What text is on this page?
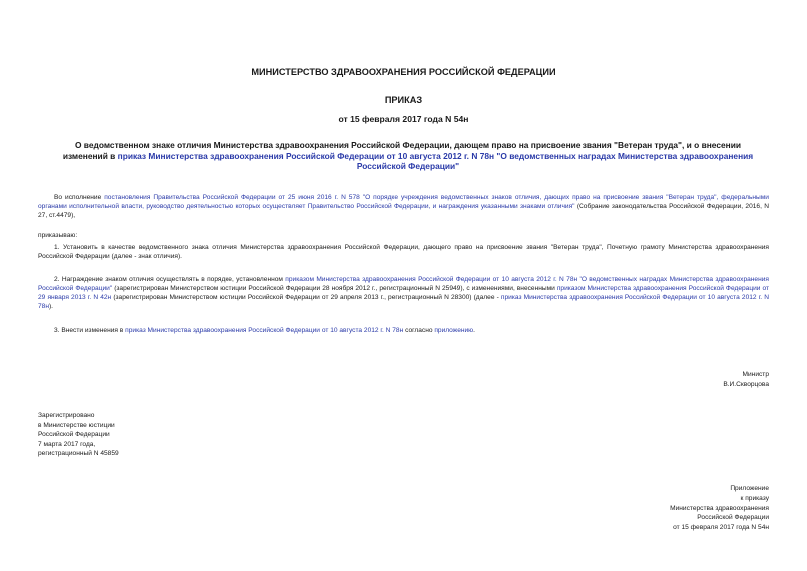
МИНИСТЕРСТВО ЗДРАВООХРАНЕНИЯ РОССИЙСКОЙ ФЕДЕРАЦИИ
ПРИКАЗ
от 15 февраля 2017 года N 54н
О ведомственном знаке отличия Министерства здравоохранения Российской Федерации, дающем право на присвоение звания "Ветеран труда", и о внесении изменений в приказ Министерства здравоохранения Российской Федерации от 10 августа 2012 г. N 78н "О ведомственных наградах Министерства здравоохранения Российской Федерации"
Во исполнение постановления Правительства Российской Федерации от 25 июня 2016 г. N 578 "О порядке учреждения ведомственных знаков отличия, дающих право на присвоение звания "Ветеран труда", федеральными органами исполнительной власти, руководство деятельностью которых осуществляет Правительство Российской Федерации, и награждения указанными знаками отличия" (Собрание законодательства Российской Федерации, 2016, N 27, ст.4479),
приказываю:
1. Установить в качестве ведомственного знака отличия Министерства здравоохранения Российской Федерации, дающего право на присвоение звания "Ветеран труда", Почетную грамоту Министерства здравоохранения Российской Федерации (далее - знак отличия).
2. Награждение знаком отличия осуществлять в порядке, установленном приказом Министерства здравоохранения Российской Федерации от 10 августа 2012 г. N 78н "О ведомственных наградах Министерства здравоохранения Российской Федерации" (зарегистрирован Министерством юстиции Российской Федерации 28 ноября 2012 г., регистрационный N 25949), с изменениями, внесенными приказом Министерства здравоохранения Российской Федерации от 29 января 2013 г. N 42н (зарегистрирован Министерством юстиции Российской Федерации от 29 апреля 2013 г., регистрационный N 28300) (далее - приказ Министерства здравоохранения Российской Федерации от 10 августа 2012 г. N 78н).
3. Внести изменения в приказ Министерства здравоохранения Российской Федерации от 10 августа 2012 г. N 78н согласно приложению.
Министр
В.И.Скворцова
Зарегистрировано
в Министерстве юстиции
Российской Федерации
7 марта 2017 года,
регистрационный N 45859
Приложение
к приказу
Министерства здравоохранения
Российской Федерации
от 15 февраля 2017 года N 54н
